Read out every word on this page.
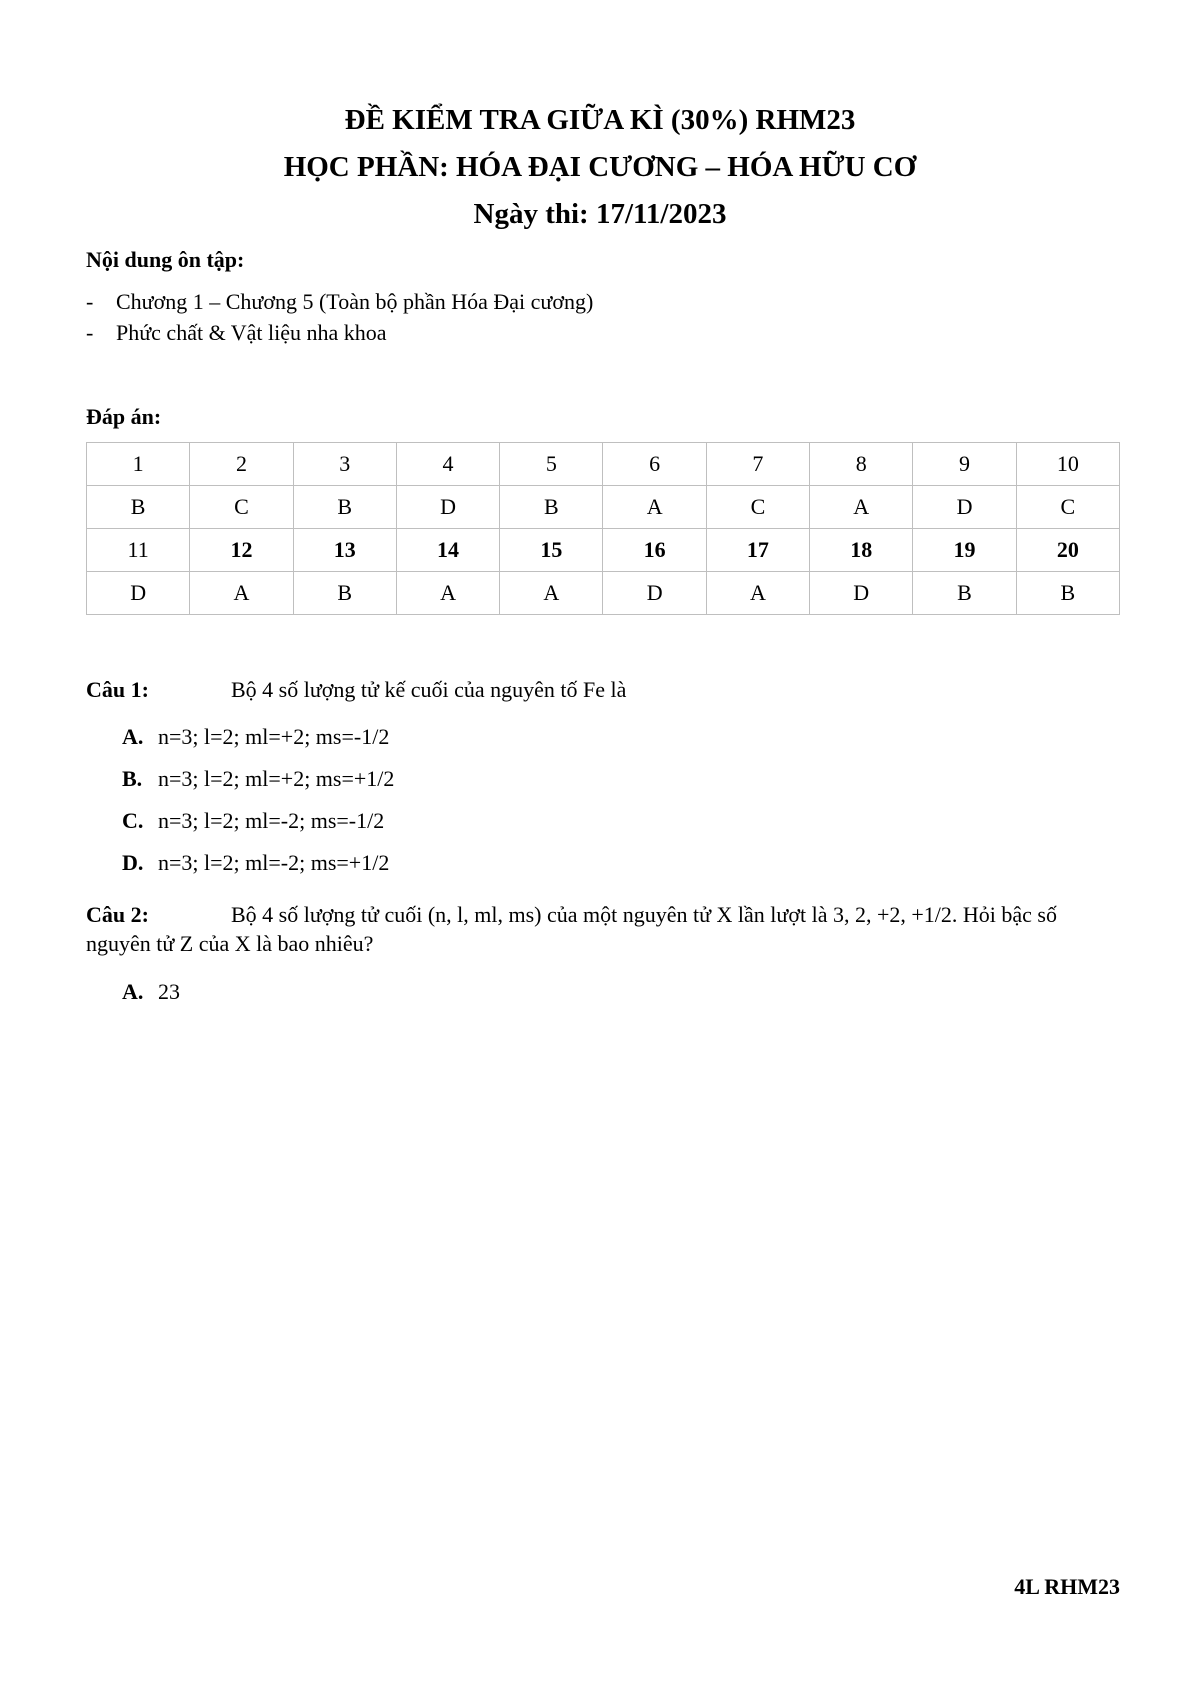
ĐỀ KIỂM TRA GIỮA KÌ (30%) RHM23
HỌC PHẦN: HÓA ĐẠI CƯƠNG – HÓA HỮU CƠ
Ngày thi: 17/11/2023
Nội dung ôn tập:
- Chương 1 – Chương 5 (Toàn bộ phần Hóa Đại cương)
- Phức chất & Vật liệu nha khoa
Đáp án:
1	2	3	4	5	6	7	8	9	10
B	C	B	D	B	A	C	A	D	C
11	12	13	14	15	16	17	18	19	20
D	A	B	A	A	D	A	D	B	B
Câu 1:	Bộ 4 số lượng tử kế cuối của nguyên tố Fe là
A. n=3; l=2; ml=+2; ms=-1/2
B. n=3; l=2; ml=+2; ms=+1/2
C. n=3; l=2; ml=-2; ms=-1/2
D. n=3; l=2; ml=-2; ms=+1/2
Câu 2:	Bộ 4 số lượng tử cuối (n, l, ml, ms) của một nguyên tử X lần lượt là 3, 2, +2, +1/2. Hỏi bậc số nguyên tử Z của X là bao nhiêu?
A. 23
4L RHM23
